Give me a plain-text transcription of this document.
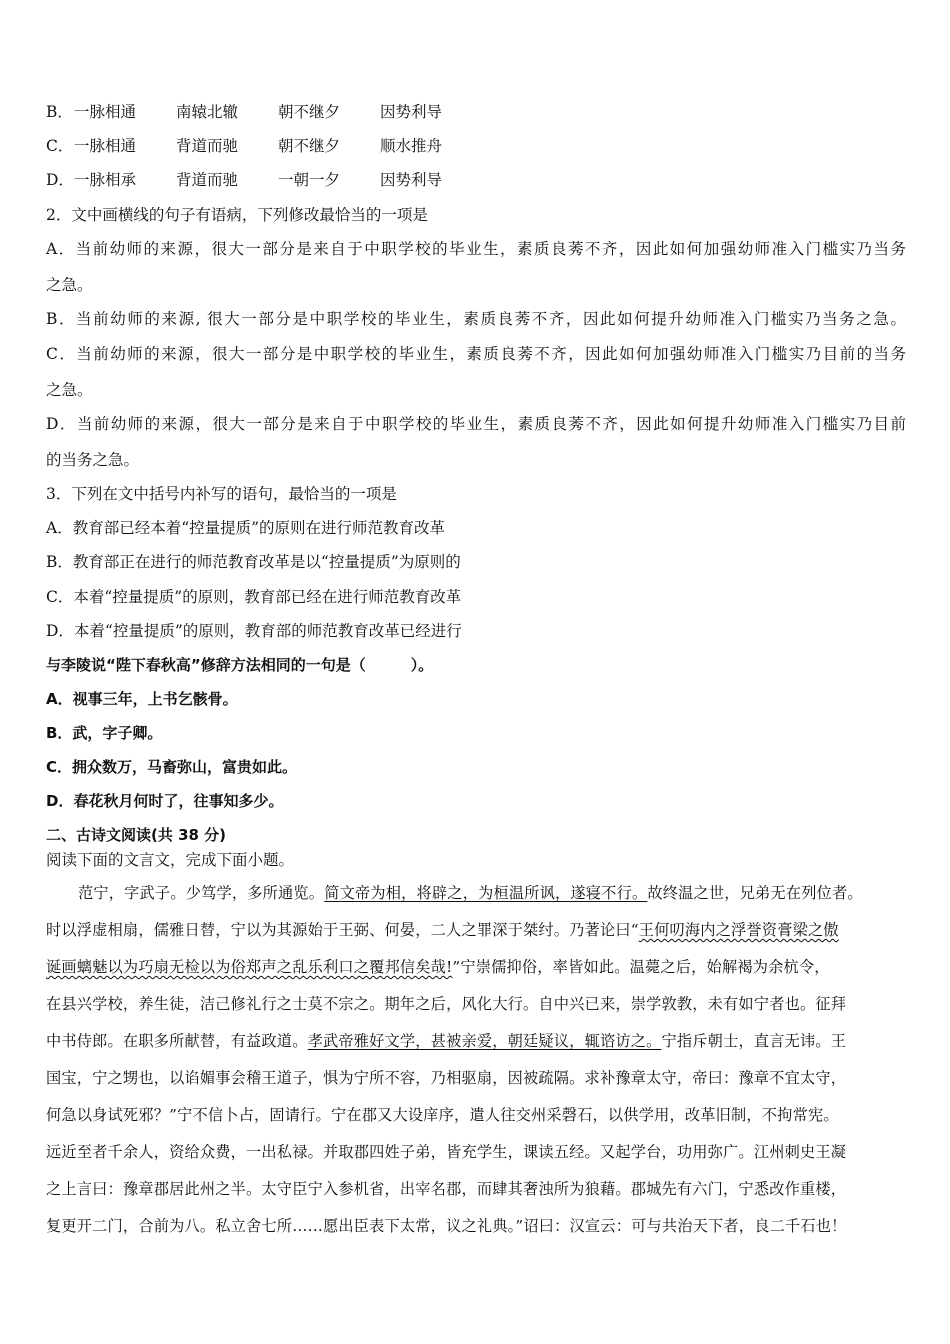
B．一脉相通	南辕北辙	朝不继夕	因势利导
C．一脉相通	背道而驰	朝不继夕	顺水推舟
D．一脉相承	背道而驰	一朝一夕	因势利导
2．文中画横线的句子有语病，下列修改最恰当的一项是
A．当前幼师的来源，很大一部分是来自于中职学校的毕业生，素质良莠不齐，因此如何加强幼师准入门槛实乃当务
之急。
B．当前幼师的来源, 很大一部分是中职学校的毕业生，素质良莠不齐，因此如何提升幼师准入门槛实乃当务之急。
C．当前幼师的来源，很大一部分是中职学校的毕业生，素质良莠不齐，因此如何加强幼师准入门槛实乃目前的当务
之急。
D．当前幼师的来源，很大一部分是来自于中职学校的毕业生，素质良莠不齐，因此如何提升幼师准入门槛实乃目前
的当务之急。
3．下列在文中括号内补写的语句，最恰当的一项是
A．教育部已经本着“控量提质”的原则在进行师范教育改革
B．教育部正在进行的师范教育改革是以“控量提质”为原则的
C．本着“控量提质”的原则，教育部已经在进行师范教育改革
D．本着“控量提质”的原则，教育部的师范教育改革已经进行
与李陵说“陛下春秋高”修辞方法相同的一句是（　　　）。
A．视事三年，上书乞骸骨。
B．武，字子卿。
C．拥众数万，马畜弥山，富贵如此。
D．春花秋月何时了，往事知多少。
二、古诗文阅读(共 38 分)
阅读下面的文言文，完成下面小题。
范宁，字武子。少笃学，多所通览。简文帝为相，将辟之，为桓温所讽，遂寝不行。故终温之世，兄弟无在列位者。
时以浮虚相扇，儒雅日替，宁以为其源始于王弼、何晏，二人之罪深于桀纣。乃著论曰“王何叨海内之浮誉资膏梁之傲
诞画螭魅以为巧扇无检以为俗郑声之乱乐利口之覆邦信矣哉!”宁崇儒抑俗，率皆如此。温薨之后，始解褐为余杭令，
在县兴学校，养生徒，洁己修礼行之士莫不宗之。期年之后，风化大行。自中兴已来，崇学敦教，未有如宁者也。征拜
中书侍郎。在职多所献替，有益政道。孝武帝雅好文学，甚被亲爱，朝廷疑议，辄谘访之。宁指斥朝士，直言无讳。王
国宝，宁之甥也，以谄媚事会稽王道子，惧为宁所不容，乃相驱扇，因被疏隔。求补豫章太守，帝曰：豫章不宜太守，
何急以身试死邪？”宁不信卜占，固请行。宁在郡又大设庠序，遣人往交州采磬石，以供学用，改革旧制，不拘常宪。
远近至者千余人，资给众费，一出私禄。并取郡四姓子弟，皆充学生，课读五经。又起学台，功用弥广。江州刺史王凝
之上言曰：豫章郡居此州之半。太守臣宁入参机省，出宰名郡，而肆其奢浊所为狼藉。郡城先有六门，宁悉改作重楼，
复更开二门，合前为八。私立舍七所……愿出臣表下太常，议之礼典。”诏曰：汉宣云：可与共治天下者，良二千石也！
